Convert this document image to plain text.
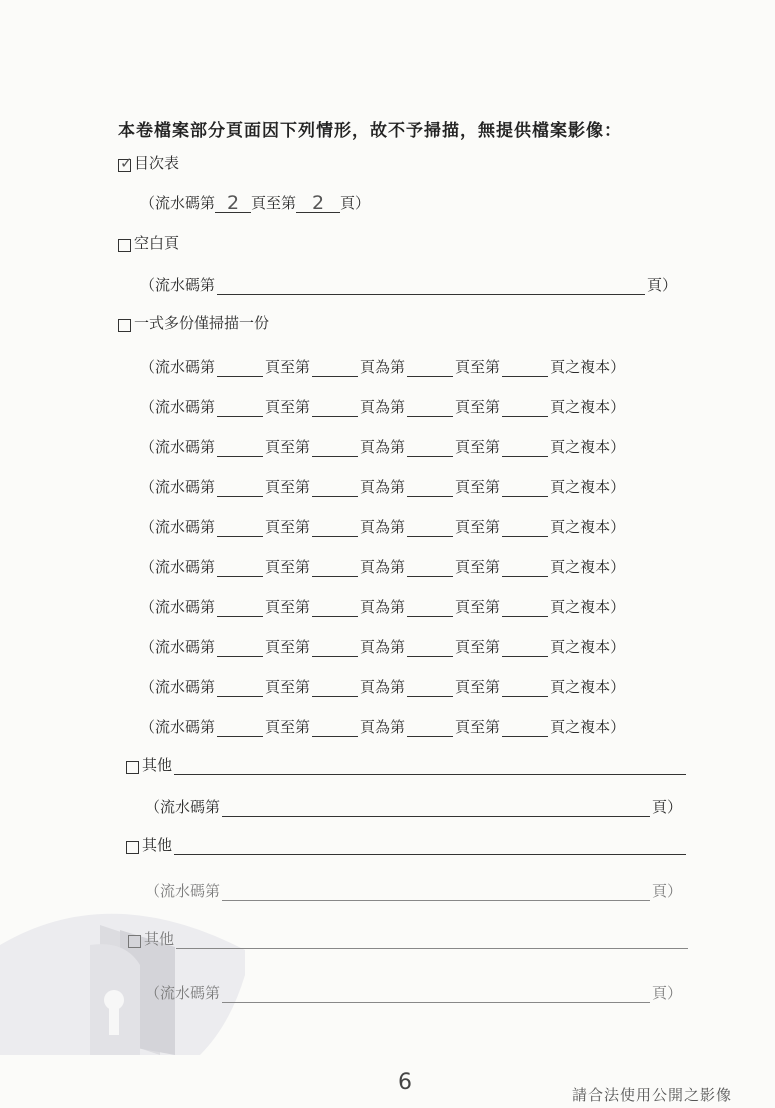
本卷檔案部分頁面因下列情形，故不予掃描，無提供檔案影像：
✓ 目次表
（流水碼第 2 頁至第 2	頁）
空白頁
（流水碼第	頁）
一式多份僅掃描一份
（流水碼第	頁至第	頁為第	頁至第	頁之複本）
（流水碼第	頁至第	頁為第	頁至第	頁之複本）
（流水碼第	頁至第	頁為第	頁至第	頁之複本）
（流水碼第	頁至第	頁為第	頁至第	頁之複本）
（流水碼第	頁至第	頁為第	頁至第	頁之複本）
（流水碼第	頁至第	頁為第	頁至第	頁之複本）
（流水碼第	頁至第	頁為第	頁至第	頁之複本）
（流水碼第	頁至第	頁為第	頁至第	頁之複本）
（流水碼第	頁至第	頁為第	頁至第	頁之複本）
（流水碼第	頁至第	頁為第	頁至第	頁之複本）
其他
（流水碼第	頁）
其他
（流水碼第	頁）
其他
（流水碼第	頁）
6	請合法使用公開之影像
